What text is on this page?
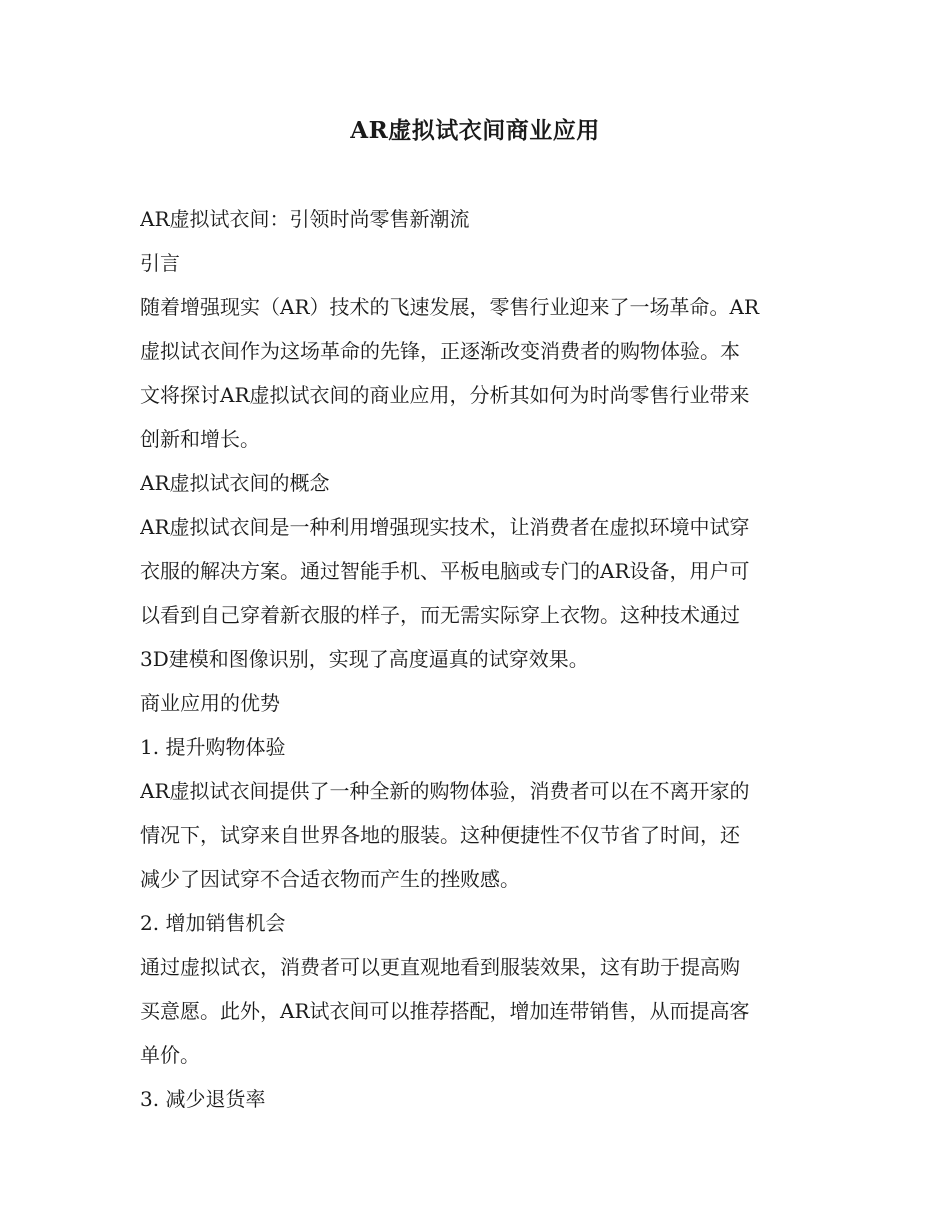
AR虚拟试衣间商业应用
AR虚拟试衣间：引领时尚零售新潮流
引言
随着增强现实（AR）技术的飞速发展，零售行业迎来了一场革命。AR
虚拟试衣间作为这场革命的先锋，正逐渐改变消费者的购物体验。本
文将探讨AR虚拟试衣间的商业应用，分析其如何为时尚零售行业带来
创新和增长。
AR虚拟试衣间的概念
AR虚拟试衣间是一种利用增强现实技术，让消费者在虚拟环境中试穿
衣服的解决方案。通过智能手机、平板电脑或专门的AR设备，用户可
以看到自己穿着新衣服的样子，而无需实际穿上衣物。这种技术通过
3D建模和图像识别，实现了高度逼真的试穿效果。
商业应用的优势
1. 提升购物体验
AR虚拟试衣间提供了一种全新的购物体验，消费者可以在不离开家的
情况下，试穿来自世界各地的服装。这种便捷性不仅节省了时间，还
减少了因试穿不合适衣物而产生的挫败感。
2. 增加销售机会
通过虚拟试衣，消费者可以更直观地看到服装效果，这有助于提高购
买意愿。此外，AR试衣间可以推荐搭配，增加连带销售，从而提高客
单价。
3. 减少退货率
